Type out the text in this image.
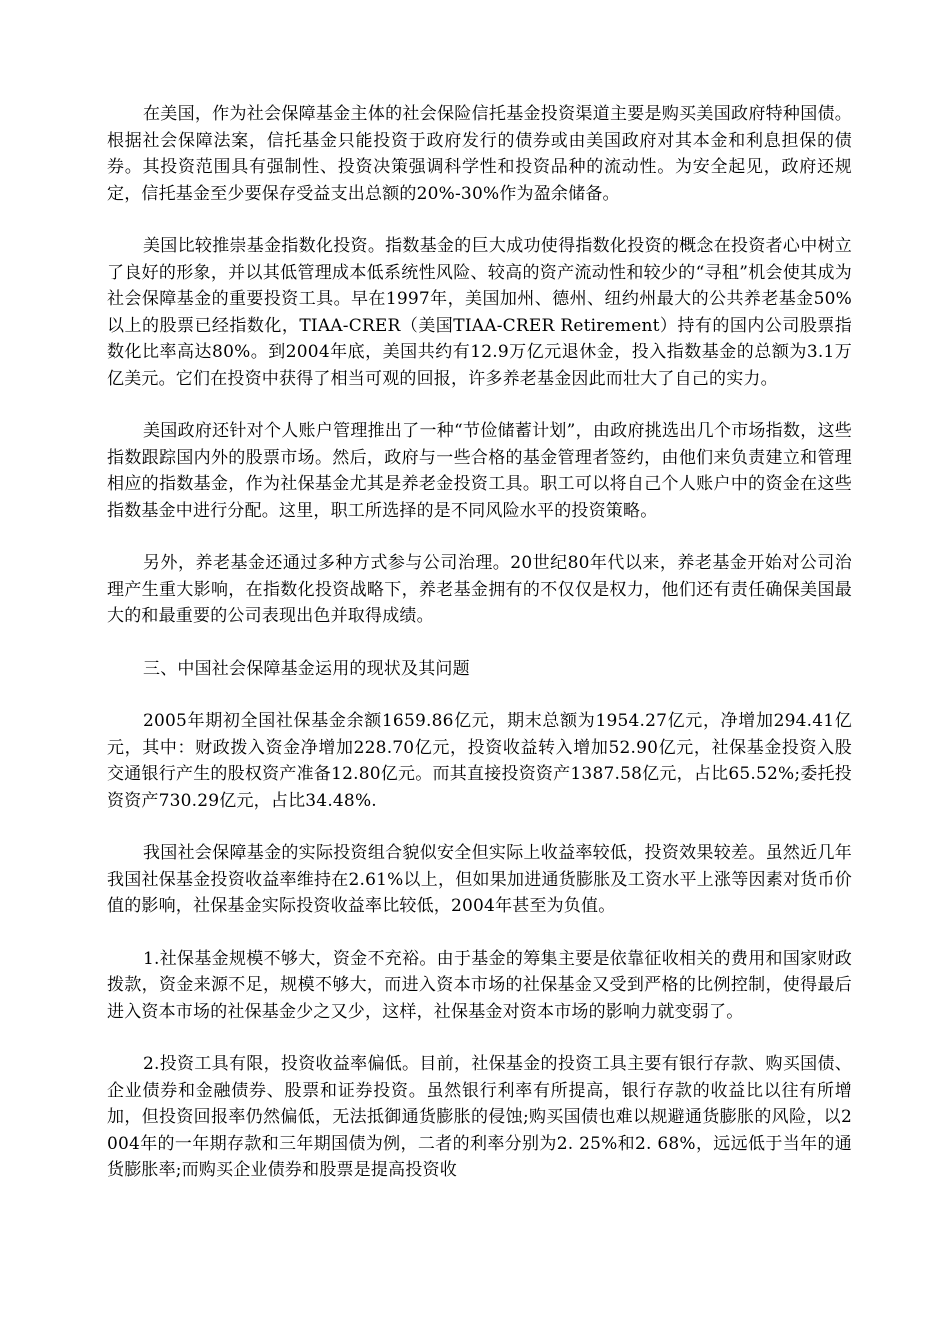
在美国，作为社会保障基金主体的社会保险信托基金投资渠道主要是购买美国政府特种国债。根据社会保障法案，信托基金只能投资于政府发行的债券或由美国政府对其本金和利息担保的债券。其投资范围具有强制性、投资决策强调科学性和投资品种的流动性。为安全起见，政府还规定，信托基金至少要保存受益支出总额的20%-30%作为盈余储备。

美国比较推崇基金指数化投资。指数基金的巨大成功使得指数化投资的概念在投资者心中树立了良好的形象，并以其低管理成本低系统性风险、较高的资产流动性和较少的“寻租”机会使其成为社会保障基金的重要投资工具。早在1997年，美国加州、德州、纽约州最大的公共养老基金50%以上的股票已经指数化，TIAA-CRER（美国TIAA-CRER Retirement）持有的国内公司股票指数化比率高达80%。到2004年底，美国共约有12.9万亿元退休金，投入指数基金的总额为3.1万亿美元。它们在投资中获得了相当可观的回报，许多养老基金因此而壮大了自己的实力。

美国政府还针对个人账户管理推出了一种“节俭储蓄计划”，由政府挑选出几个市场指数，这些指数跟踪国内外的股票市场。然后，政府与一些合格的基金管理者签约，由他们来负责建立和管理相应的指数基金，作为社保基金尤其是养老金投资工具。职工可以将自己个人账户中的资金在这些指数基金中进行分配。这里，职工所选择的是不同风险水平的投资策略。

另外，养老基金还通过多种方式参与公司治理。20世纪80年代以来，养老基金开始对公司治理产生重大影响，在指数化投资战略下，养老基金拥有的不仅仅是权力，他们还有责任确保美国最大的和最重要的公司表现出色并取得成绩。

三、中国社会保障基金运用的现状及其问题

2005年期初全国社保基金余额1659.86亿元，期末总额为1954.27亿元，净增加294.41亿元，其中：财政拨入资金净增加228.70亿元，投资收益转入增加52.90亿元，社保基金投资入股交通银行产生的股权资产准备12.80亿元。而其直接投资资产1387.58亿元，占比65.52%;委托投资资产730.29亿元，占比34.48%.

我国社会保障基金的实际投资组合貌似安全但实际上收益率较低，投资效果较差。虽然近几年我国社保基金投资收益率维持在2.61%以上，但如果加进通货膨胀及工资水平上涨等因素对货币价值的影响，社保基金实际投资收益率比较低，2004年甚至为负值。

1.社保基金规模不够大，资金不充裕。由于基金的筹集主要是依靠征收相关的费用和国家财政拨款，资金来源不足，规模不够大，而进入资本市场的社保基金又受到严格的比例控制，使得最后进入资本市场的社保基金少之又少，这样，社保基金对资本市场的影响力就变弱了。

2.投资工具有限，投资收益率偏低。目前，社保基金的投资工具主要有银行存款、购买国债、企业债券和金融债券、股票和证券投资。虽然银行利率有所提高，银行存款的收益比以往有所增加，但投资回报率仍然偏低，无法抵御通货膨胀的侵蚀;购买国债也难以规避通货膨胀的风险，以2004年的一年期存款和三年期国债为例，二者的利率分别为2. 25%和2. 68%，远远低于当年的通货膨胀率;而购买企业债券和股票是提高投资收
